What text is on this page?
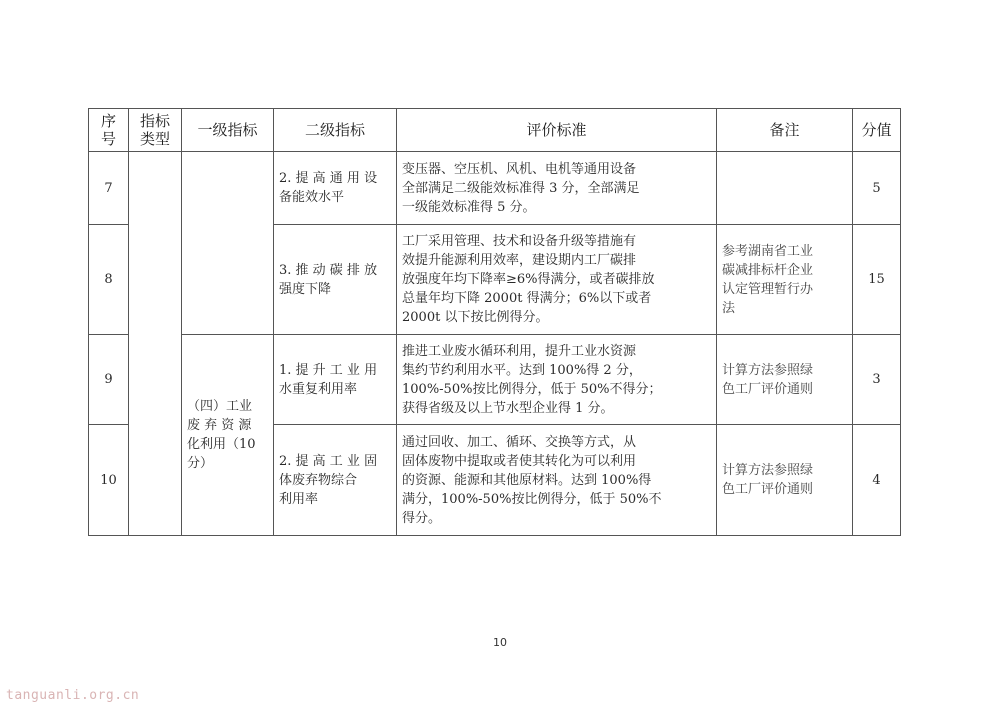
序
号	指标
类型	一级指标	二级指标	评价标准	备注	分值
7			2. 提 高 通 用 设
备能效水平	变压器、空压机、风机、电机等通用设备
全部满足二级能效标准得 3 分，全部满足
一级能效标准得 5 分。		5
8			3. 推 动 碳 排 放
强度下降	工厂采用管理、技术和设备升级等措施有
效提升能源利用效率，建设期内工厂碳排
放强度年均下降率≥6%得满分，或者碳排放
总量年均下降 2000t 得满分；6%以下或者
2000t 以下按比例得分。	参考湖南省工业
碳减排标杆企业
认定管理暂行办
法	15
9		（四）工业
废 弃 资 源
化利用（10
分）	1. 提 升 工 业 用
水重复利用率	推进工业废水循环利用，提升工业水资源
集约节约利用水平。达到 100%得 2 分，
100%-50%按比例得分，低于 50%不得分；
获得省级及以上节水型企业得 1 分。	计算方法参照绿
色工厂评价通则	3
10			2. 提 高 工 业 固
体废弃物综合
利用率	通过回收、加工、循环、交换等方式，从
固体废物中提取或者使其转化为可以利用
的资源、能源和其他原材料。达到 100%得
满分，100%-50%按比例得分，低于 50%不
得分。	计算方法参照绿
色工厂评价通则	4
10
tanguanli.org.cn
